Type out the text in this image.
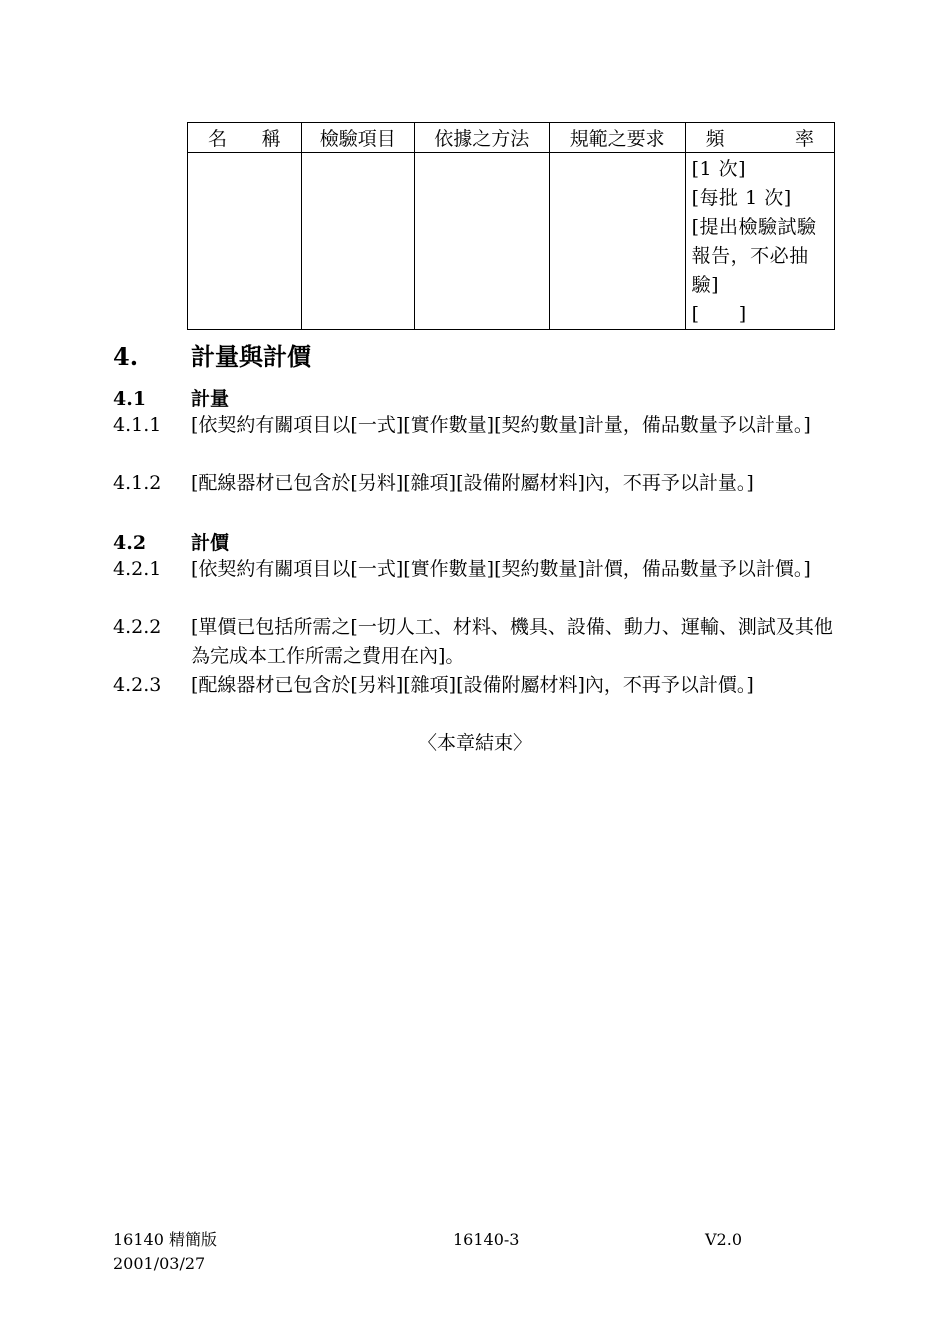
名 稱	檢驗項目	依據之方法	規範之要求	頻 率

				[1 次]
[每批 1 次]
[提出檢驗試驗報告，不必抽驗]
[      ]
4. 計量與計價
4.1 計量
4.1.1	[依契約有關項目以[一式][實作數量][契約數量]計量，備品數量予以計量。]
4.1.2	[配線器材已包含於[另料][雜項][設備附屬材料]內，不再予以計量。]
4.2 計價
4.2.1	[依契約有關項目以[一式][實作數量][契約數量]計價，備品數量予以計價。]
4.2.2	[單價已包括所需之[一切人工、材料、機具、設備、動力、運輸、測試及其他為完成本工作所需之費用在內]。
4.2.3	[配線器材已包含於[另料][雜項][設備附屬材料]內，不再予以計價。]
〈本章結束〉
16140 精簡版
2001/03/27
16140-3	V2.0
